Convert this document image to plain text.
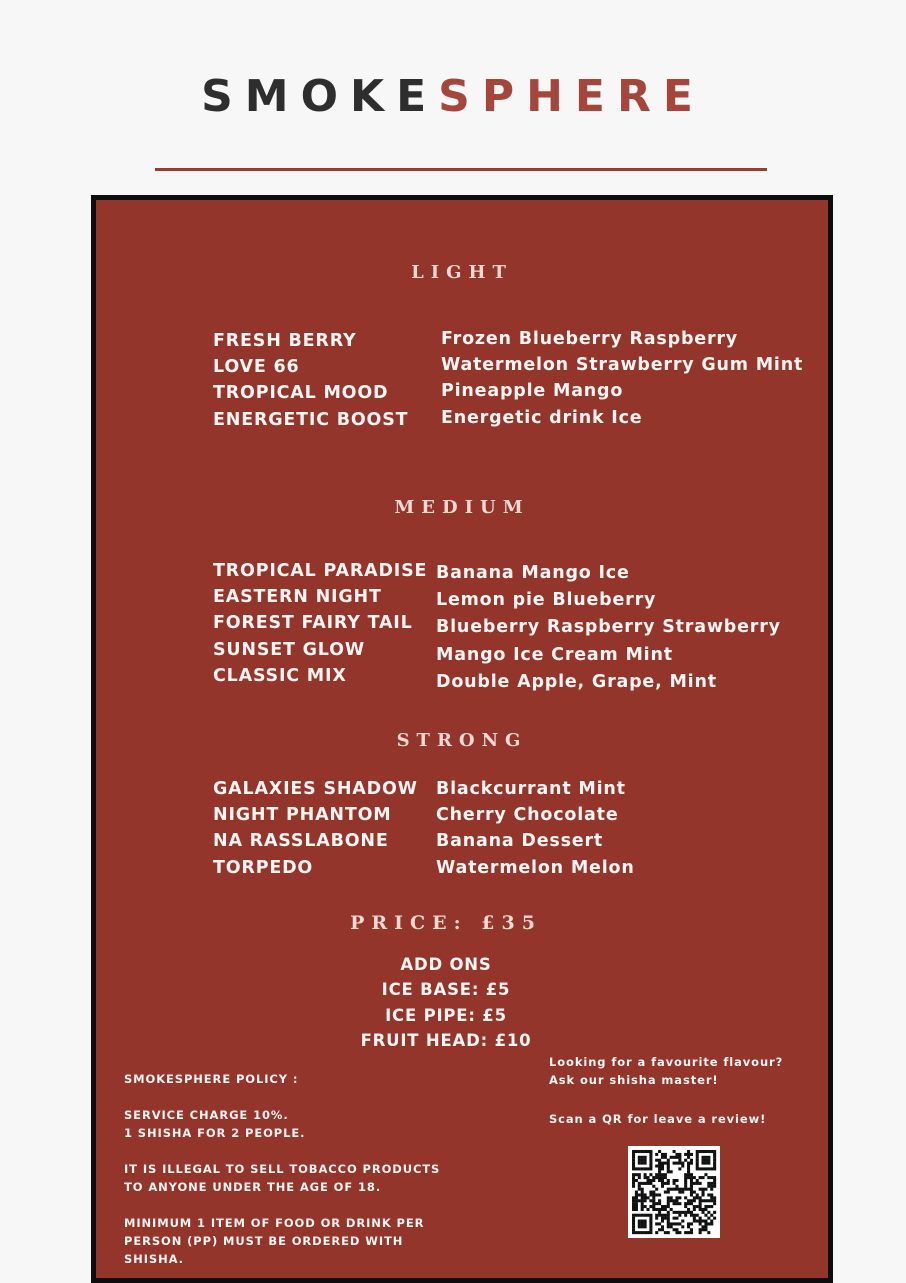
SMOKESPHERE
LIGHT
FRESH BERRY
LOVE 66
TROPICAL MOOD
ENERGETIC BOOST
Frozen Blueberry Raspberry
Watermelon Strawberry Gum Mint
Pineapple Mango
Energetic drink Ice
MEDIUM
TROPICAL PARADISE
EASTERN NIGHT
FOREST FAIRY TAIL
SUNSET GLOW
CLASSIC MIX
Banana Mango Ice
Lemon pie Blueberry
Blueberry Raspberry Strawberry
Mango Ice Cream Mint
Double Apple, Grape, Mint
STRONG
GALAXIES SHADOW
NIGHT PHANTOM
NA RASSLABONE
TORPEDO
Blackcurrant Mint
Cherry Chocolate
Banana Dessert
Watermelon Melon
PRICE: £35
ADD ONS
ICE BASE: £5
ICE PIPE: £5
FRUIT HEAD: £10

SMOKESPHERE POLICY :

SERVICE CHARGE 10%.

1 SHISHA FOR 2 PEOPLE.

IT IS ILLEGAL TO SELL TOBACCO PRODUCTS TO ANYONE UNDER THE AGE OF 18.

MINIMUM 1 ITEM OF FOOD OR DRINK PER PERSON (PP) MUST BE ORDERED WITH SHISHA.

Looking for a favourite flavour? Ask our shisha master!

Scan a QR for leave a review!
